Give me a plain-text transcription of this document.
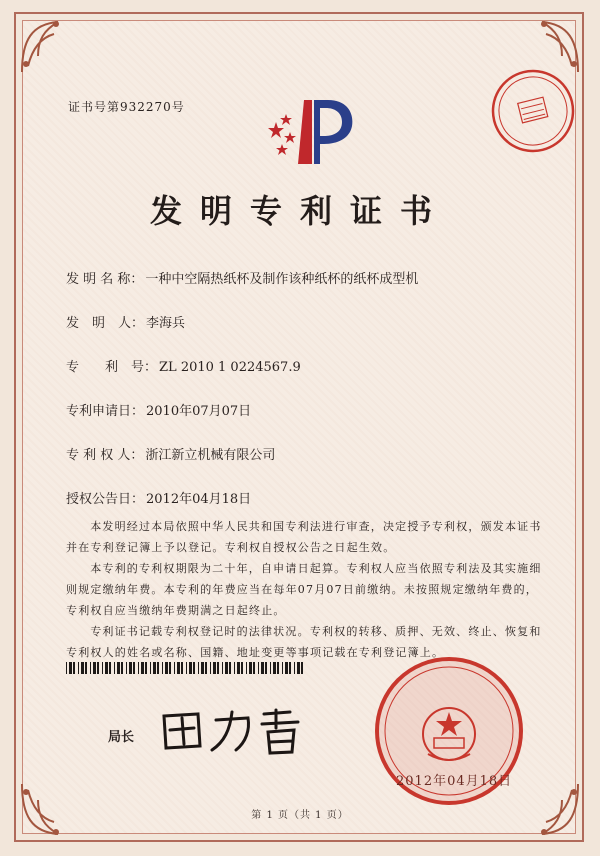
证书号第932270号
发明专利证书
发 明 名 称： 一种中空隔热纸杯及制作该种纸杯的纸杯成型机
发　明　人： 李海兵
专　　利　号： ZL 2010 1 0224567.9
专利申请日： 2010年07月07日
专 利 权 人： 浙江新立机械有限公司
授权公告日： 2012年04月18日

本发明经过本局依照中华人民共和国专利法进行审查，决定授予专利权，颁发本证书并在专利登记簿上予以登记。专利权自授权公告之日起生效。

本专利的专利权期限为二十年，自申请日起算。专利权人应当依照专利法及其实施细则规定缴纳年费。本专利的年费应当在每年07月07日前缴纳。未按照规定缴纳年费的，专利权自应当缴纳年费期满之日起终止。

专利证书记载专利权登记时的法律状况。专利权的转移、质押、无效、终止、恢复和专利权人的姓名或名称、国籍、地址变更等事项记载在专利登记簿上。

局长
2012年04月18日
第 1 页（共 1 页）
